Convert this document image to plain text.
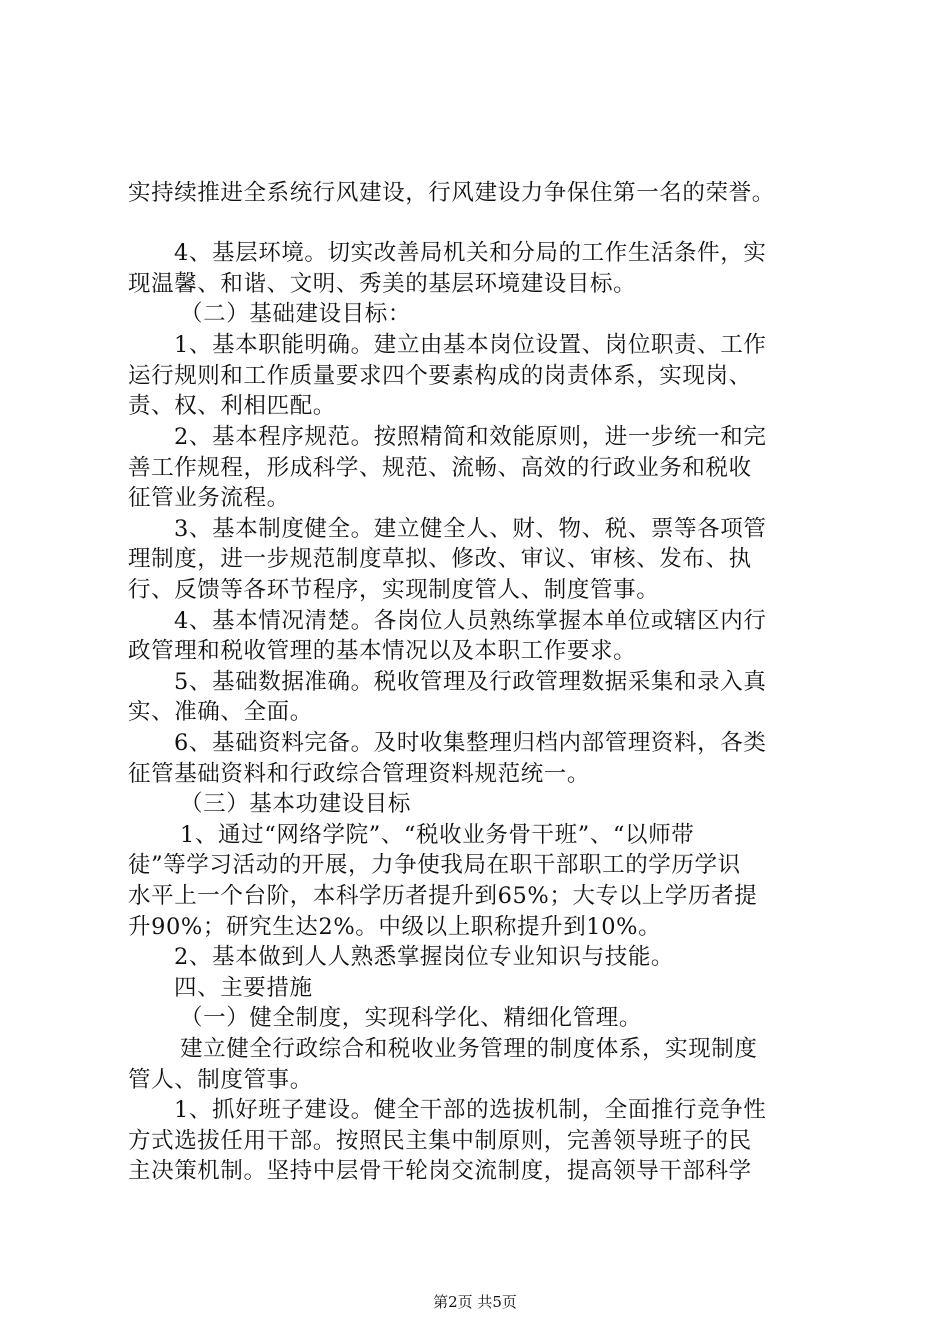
实持续推进全系统行风建设，行风建设力争保住第一名的荣誉。
4、基层环境。切实改善局机关和分局的工作生活条件，实
现温馨、和谐、文明、秀美的基层环境建设目标。
（二）基础建设目标：
1、基本职能明确。建立由基本岗位设置、岗位职责、工作
运行规则和工作质量要求四个要素构成的岗责体系，实现岗、
责、权、利相匹配。
2、基本程序规范。按照精简和效能原则，进一步统一和完
善工作规程，形成科学、规范、流畅、高效的行政业务和税收
征管业务流程。
3、基本制度健全。建立健全人、财、物、税、票等各项管
理制度，进一步规范制度草拟、修改、审议、审核、发布、执
行、反馈等各环节程序，实现制度管人、制度管事。
4、基本情况清楚。各岗位人员熟练掌握本单位或辖区内行
政管理和税收管理的基本情况以及本职工作要求。
5、基础数据准确。税收管理及行政管理数据采集和录入真
实、准确、全面。
6、基础资料完备。及时收集整理归档内部管理资料，各类
征管基础资料和行政综合管理资料规范统一。
（三）基本功建设目标
1、通过“网络学院”、“税收业务骨干班”、“以师带
徒”等学习活动的开展，力争使我局在职干部职工的学历学识
水平上一个台阶，本科学历者提升到65%；大专以上学历者提
升90%；研究生达2%。中级以上职称提升到10%。
2、基本做到人人熟悉掌握岗位专业知识与技能。
四、主要措施
（一）健全制度，实现科学化、精细化管理。
建立健全行政综合和税收业务管理的制度体系，实现制度
管人、制度管事。
1、抓好班子建设。健全干部的选拔机制，全面推行竞争性
方式选拔任用干部。按照民主集中制原则，完善领导班子的民
主决策机制。坚持中层骨干轮岗交流制度，提高领导干部科学
第2页 共5页
